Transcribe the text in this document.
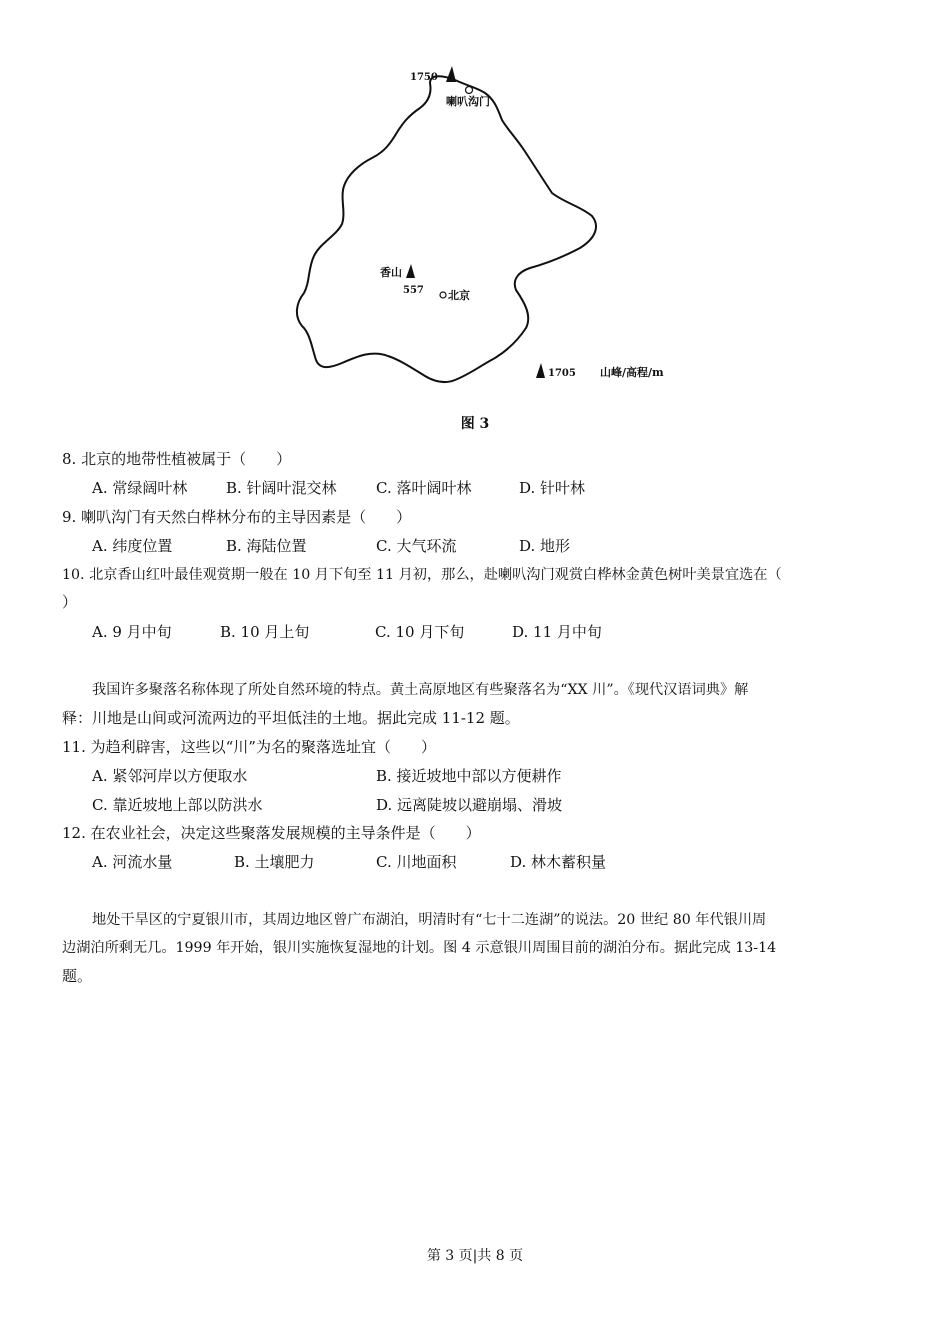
1750
喇叭沟门
香山
557 北京
1705 山峰/高程/m
图 3
8. 北京的地带性植被属于（　　）
A. 常绿阔叶林	B. 针阔叶混交林	C. 落叶阔叶林	D. 针叶林
9. 喇叭沟门有天然白桦林分布的主导因素是（　　）
A. 纬度位置	B. 海陆位置	C. 大气环流	D. 地形
10. 北京香山红叶最佳观赏期一般在 10 月下旬至 11 月初，那么，赴喇叭沟门观赏白桦林金黄色树叶美景宜选在（
）
A. 9 月中旬	B. 10 月上旬	C. 10 月下旬	D. 11 月中旬
我国许多聚落名称体现了所处自然环境的特点。黄土高原地区有些聚落名为“XX 川”。《现代汉语词典》解
释：川地是山间或河流两边的平坦低洼的土地。据此完成 11-12 题。
11. 为趋利辟害，这些以“川”为名的聚落选址宜（　　）
A. 紧邻河岸以方便取水	B. 接近坡地中部以方便耕作
C. 靠近坡地上部以防洪水	D. 远离陡坡以避崩塌、滑坡
12. 在农业社会，决定这些聚落发展规模的主导条件是（　　）
A. 河流水量	B. 土壤肥力	C. 川地面积	D. 林木蓄积量
地处干旱区的宁夏银川市，其周边地区曾广布湖泊，明清时有“七十二连湖”的说法。20 世纪 80 年代银川周
边湖泊所剩无几。1999 年开始，银川实施恢复湿地的计划。图 4 示意银川周围目前的湖泊分布。据此完成 13-14
题。
第 3 页|共 8 页
